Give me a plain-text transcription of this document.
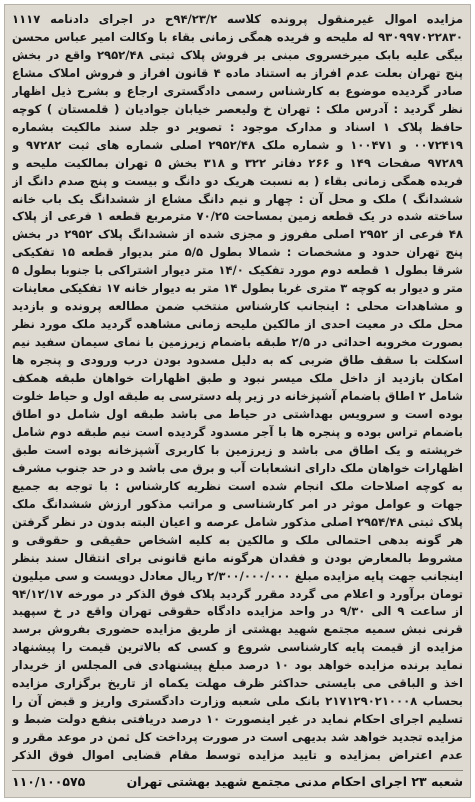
مزایده اموال غیرمنقول پرونده کلاسه ۹۴/۲۳/۲ح در اجرای دادنامه ۱۱۱۷ ۹۳۰۹۹۷۰۲۲۸۳۰ له ملیحه و فریده همگی زمانی بقاء با وکالت امیر عباس محسن بیگی علیه بابک میرخسروی مبنی بر فروش پلاک ثبتی ۲۹۵۲/۴۸ واقع در بخش پنج تهران بعلت عدم افراز به استناد ماده ۴ قانون افراز و فروش املاک مشاع صادر گردیده موضوع به کارشناس رسمی دادگستری ارجاع و بشرح ذیل اظهار نظر گردید : آدرس ملک : تهران خ ولیعصر خیابان جوادیان ( قلمستان ) کوچه حافظ پلاک ۱ اسناد و مدارک موجود : تصویر دو جلد سند مالکیت بشماره ۰۰۷۲۴۱۹ و ۱۰۰۴۷۱ و شماره ملک ۲۹۵۲/۴۸ اصلی شماره های ثبت ۹۷۲۸۲ و ۹۷۲۸۹ صفحات ۱۴۹ و ۲۶۶ دفاتر ۳۲۲ و ۳۱۸ بخش ۵ تهران بمالکیت ملیحه و فریده همگی زمانی بقاء ( به نسبت هریک دو دانگ و بیست و پنج صدم دانگ از ششدانگ ) ملک و محل آن : چهار و نیم دانگ مشاع از ششدانگ یک باب خانه ساخته شده در یک قطعه زمین بمساحت ۷۰/۲۵ مترمربع قطعه ۱ فرعی از پلاک ۴۸ فرعی از ۲۹۵۲ اصلی مفروز و مجزی شده از ششدانگ پلاک ۲۹۵۲ در بخش پنج تهران حدود و مشخصات : شمالا بطول ۵/۵ متر بدیوار قطعه ۱۵ تفکیکی شرقا بطول ۱ قطعه دوم مورد تفکیک ۱۴/۰ متر دیوار اشتراکی با جنوبا بطول ۵ متر و دیوار به کوچه ۳ متری غربا بطول ۱۴ متر به دیوار خانه ۱۷ تفکیکی معاینات و مشاهدات محلی : اینجانب کارشناس منتخب ضمن مطالعه پرونده و بازدید محل ملک در معیت احدی از مالکین ملیحه زمانی مشاهده گردید ملک مورد نظر بصورت مخروبه احداثی در ۲/۵ طبقه باضمام زیرزمین با نمای سیمان سفید نیم اسکلت با سقف طاق ضربی که به دلیل مسدود بودن درب ورودی و پنجره ها امکان بازدید از داخل ملک میسر نبود و طبق اظهارات خواهان طبقه همکف شامل ۲ اطاق باضمام آشپزخانه در زیر پله دسترسی به طبقه اول و حیاط خلوت بوده است و سرویس بهداشتی در حیاط می باشد طبقه اول شامل دو اطاق باضمام تراس بوده و پنجره ها با آجر مسدود گردیده است نیم طبقه دوم شامل خرپشته و یک اطاق می باشد و زیرزمین با کاربری آشپزخانه بوده است طبق اظهارات خواهان ملک دارای انشعابات آب و برق می باشد و در حد جنوب مشرف به کوچه اصلاحات ملک انجام شده است نظریه کارشناس : با توجه به جمیع جهات و عوامل موثر در امر کارشناسی و مراتب مذکور ارزش ششدانگ ملک پلاک ثبتی ۲۹۵۴/۴۸ اصلی مذکور شامل عرصه و اعیان البته بدون در نظر گرفتن هر گونه بدهی احتمالی ملک و مالکین به کلیه اشخاص حقیقی و حقوقی و مشروط بالمعارض بودن و فقدان هرگونه مانع قانونی برای انتقال سند بنظر اینجانب جهت پایه مزایده مبلغ ۲/۳۰۰/۰۰۰/۰۰۰ ریال معادل دویست و سی میلیون تومان برآورد و اعلام می گردد مقرر گردید پلاک فوق الذکر در مورخه ۹۴/۱۲/۱۷ از ساعت ۹ الی ۹/۳۰ در واحد مزایده دادگاه حقوقی تهران واقع در خ سپهبد قرنی نبش سمیه مجتمع شهید بهشتی از طریق مزایده حضوری بفروش برسد مزایده از قیمت پایه کارشناسی شروع و کسی که بالاترین قیمت را پیشنهاد نماید برنده مزایده خواهد بود ۱۰ درصد مبلغ پیشنهادی فی المجلس از خریدار اخذ و الباقی می بایستی حداکثر ظرف مهلت یکماه از تاریخ برگزاری مزایده بحساب ۲۱۷۱۲۹۰۲۱۰۰۰۸ بانک ملی شعبه وزارت دادگستری واریز و قبض آن را تسلیم اجرای احکام نماید در غیر اینصورت ۱۰ درصد دریافتی بنفع دولت ضبط و مزایده تجدید خواهد شد بدیهی است در صورت پرداخت کل ثمن در موعد مقرر و عدم اعتراض بمزایده و تایید مزایده توسط مقام قضایی اموال فوق الذکر

شعبه ۲۳ اجرای احکام مدنی مجتمع شهید بهشتی تهران
۱۱۰/۱۰۰۵۷۵
